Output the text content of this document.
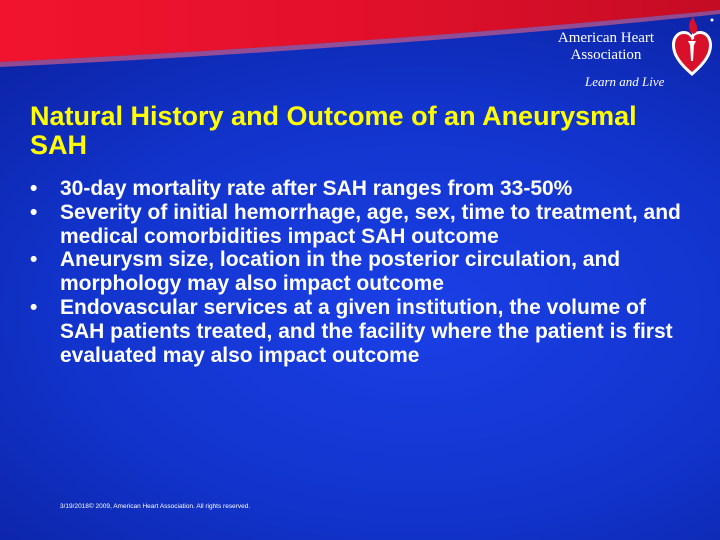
American Heart
Association
Learn and Live
Natural History and Outcome of an Aneurysmal SAH
•	30-day mortality rate after SAH ranges from 33-50%
•	Severity of initial hemorrhage, age, sex, time to treatment, and medical comorbidities impact SAH outcome
•	Aneurysm size, location in the posterior circulation, and morphology may also impact outcome
•	Endovascular services at a given institution, the volume of SAH patients treated, and the facility where the patient is first evaluated may also impact outcome
3/19/2018© 2009, American Heart Association. All rights reserved.
